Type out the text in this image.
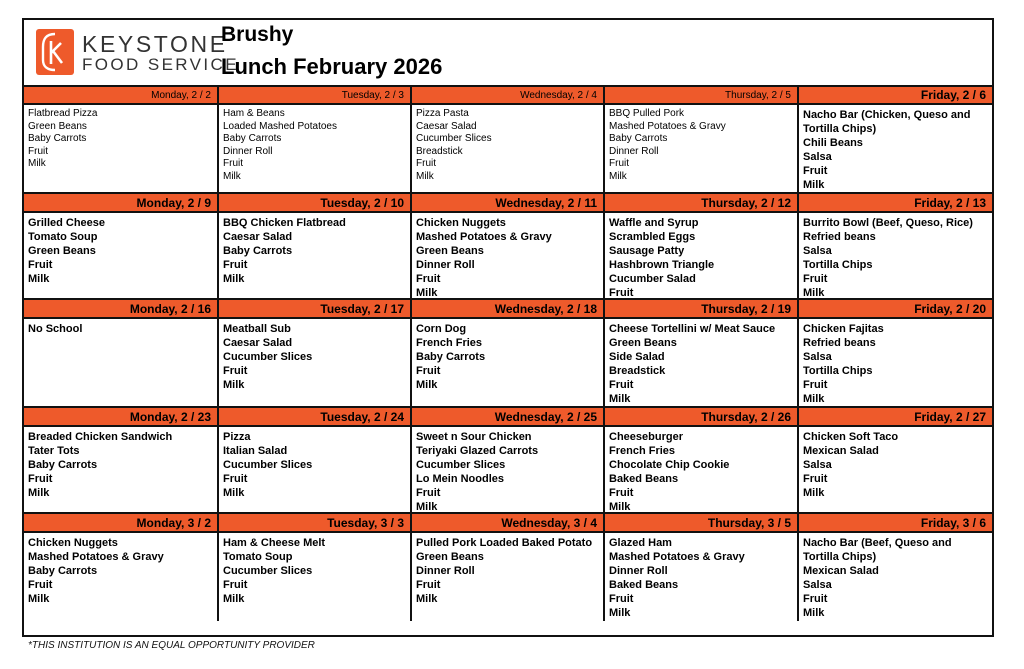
KEYSTONE
FOOD SERVICE
Brushy
Lunch February 2026
Monday, 2 / 2
Flatbread Pizza
Green Beans
Baby Carrots
Fruit
Milk
Tuesday, 2 / 3
Ham & Beans
Loaded Mashed Potatoes
Baby Carrots
Dinner Roll
Fruit
Milk
Wednesday, 2 / 4
Pizza Pasta
Caesar Salad
Cucumber Slices
Breadstick
Fruit
Milk
Thursday, 2 / 5
BBQ Pulled Pork
Mashed Potatoes & Gravy
Baby Carrots
Dinner Roll
Fruit
Milk
Friday, 2 / 6
Nacho Bar (Chicken, Queso and Tortilla Chips)
Chili Beans
Salsa
Fruit
Milk
Monday, 2 / 9
Grilled Cheese
Tomato Soup
Green Beans
Fruit
Milk
Tuesday, 2 / 10
BBQ Chicken Flatbread
Caesar Salad
Baby Carrots
Fruit
Milk
Wednesday, 2 / 11
Chicken Nuggets
Mashed Potatoes & Gravy
Green Beans
Dinner Roll
Fruit
Milk
Thursday, 2 / 12
Waffle and Syrup
Scrambled Eggs
Sausage Patty
Hashbrown Triangle
Cucumber Salad
Fruit
Friday, 2 / 13
Burrito Bowl (Beef, Queso, Rice)
Refried beans
Salsa
Tortilla Chips
Fruit
Milk
Monday, 2 / 16
No School
Tuesday, 2 / 17
Meatball Sub
Caesar Salad
Cucumber Slices
Fruit
Milk
Wednesday, 2 / 18
Corn Dog
French Fries
Baby Carrots
Fruit
Milk
Thursday, 2 / 19
Cheese Tortellini w/ Meat Sauce
Green Beans
Side Salad
Breadstick
Fruit
Milk
Friday, 2 / 20
Chicken Fajitas
Refried beans
Salsa
Tortilla Chips
Fruit
Milk
Monday, 2 / 23
Breaded Chicken Sandwich
Tater Tots
Baby Carrots
Fruit
Milk
Tuesday, 2 / 24
Pizza
Italian Salad
Cucumber Slices
Fruit
Milk
Wednesday, 2 / 25
Sweet n Sour Chicken
Teriyaki Glazed Carrots
Cucumber Slices
Lo Mein Noodles
Fruit
Milk
Thursday, 2 / 26
Cheeseburger
French Fries
Chocolate Chip Cookie
Baked Beans
Fruit
Milk
Friday, 2 / 27
Chicken Soft Taco
Mexican Salad
Salsa
Fruit
Milk
Monday, 3 / 2
Chicken Nuggets
Mashed Potatoes & Gravy
Baby Carrots
Fruit
Milk
Tuesday, 3 / 3
Ham & Cheese Melt
Tomato Soup
Cucumber Slices
Fruit
Milk
Wednesday, 3 / 4
Pulled Pork Loaded Baked Potato
Green Beans
Dinner Roll
Fruit
Milk
Thursday, 3 / 5
Glazed Ham
Mashed Potatoes & Gravy
Dinner Roll
Baked Beans
Fruit
Milk
Friday, 3 / 6
Nacho Bar (Beef, Queso and Tortilla Chips)
Mexican Salad
Salsa
Fruit
Milk
*THIS INSTITUTION IS AN EQUAL OPPORTUNITY PROVIDER
